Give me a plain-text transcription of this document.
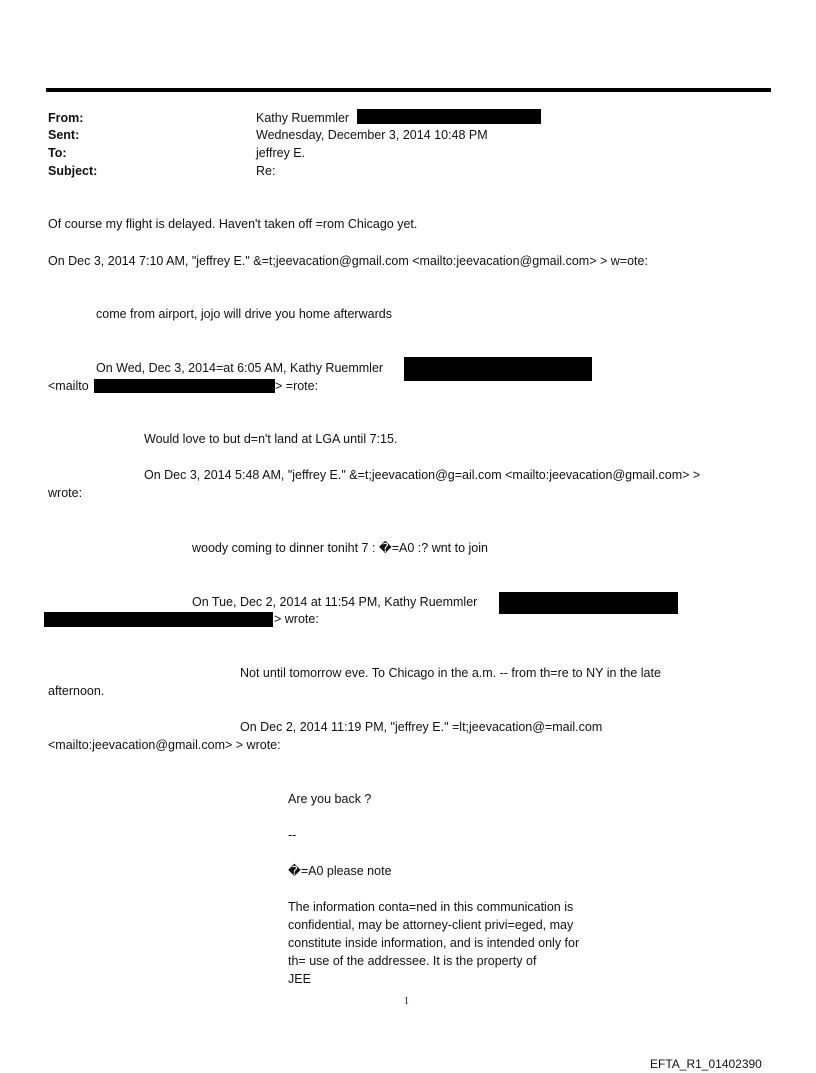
From:	Kathy Ruemmler
Sent:	Wednesday, December 3, 2014 10:48 PM
To:	jeffrey E.
Subject:	Re:
Of course my flight is delayed. Haven't taken off =rom Chicago yet.
On Dec 3, 2014 7:10 AM, "jeffrey E." &=t;jeevacation@gmail.com <mailto:jeevacation@gmail.com> > w=ote:
come from airport, jojo will drive you home afterwards
On Wed, Dec 3, 2014=at 6:05 AM, Kathy Ruemmler
<mailto	> =rote:
Would love to but d=n't land at LGA until 7:15.
On Dec 3, 2014 5:48 AM, "jeffrey E." &=t;jeevacation@g=ail.com <mailto:jeevacation@gmail.com> >
wrote:
woody coming to dinner toniht 7 : �=A0 :? wnt to join
On Tue, Dec 2, 2014 at 11:54 PM, Kathy Ruemmler
> wrote:
Not until tomorrow eve. To Chicago in the a.m. -- from th=re to NY in the late
afternoon.
On Dec 2, 2014 11:19 PM, "jeffrey E." =lt;jeevacation@=mail.com
<mailto:jeevacation@gmail.com> > wrote:
Are you back ?
--
�=A0 please note
The information conta=ned in this communication is
confidential, may be attorney-client privi=eged, may
constitute inside information, and is intended only for
th= use of the addressee. It is the property of
JEE
1
EFTA_R1_01402390
